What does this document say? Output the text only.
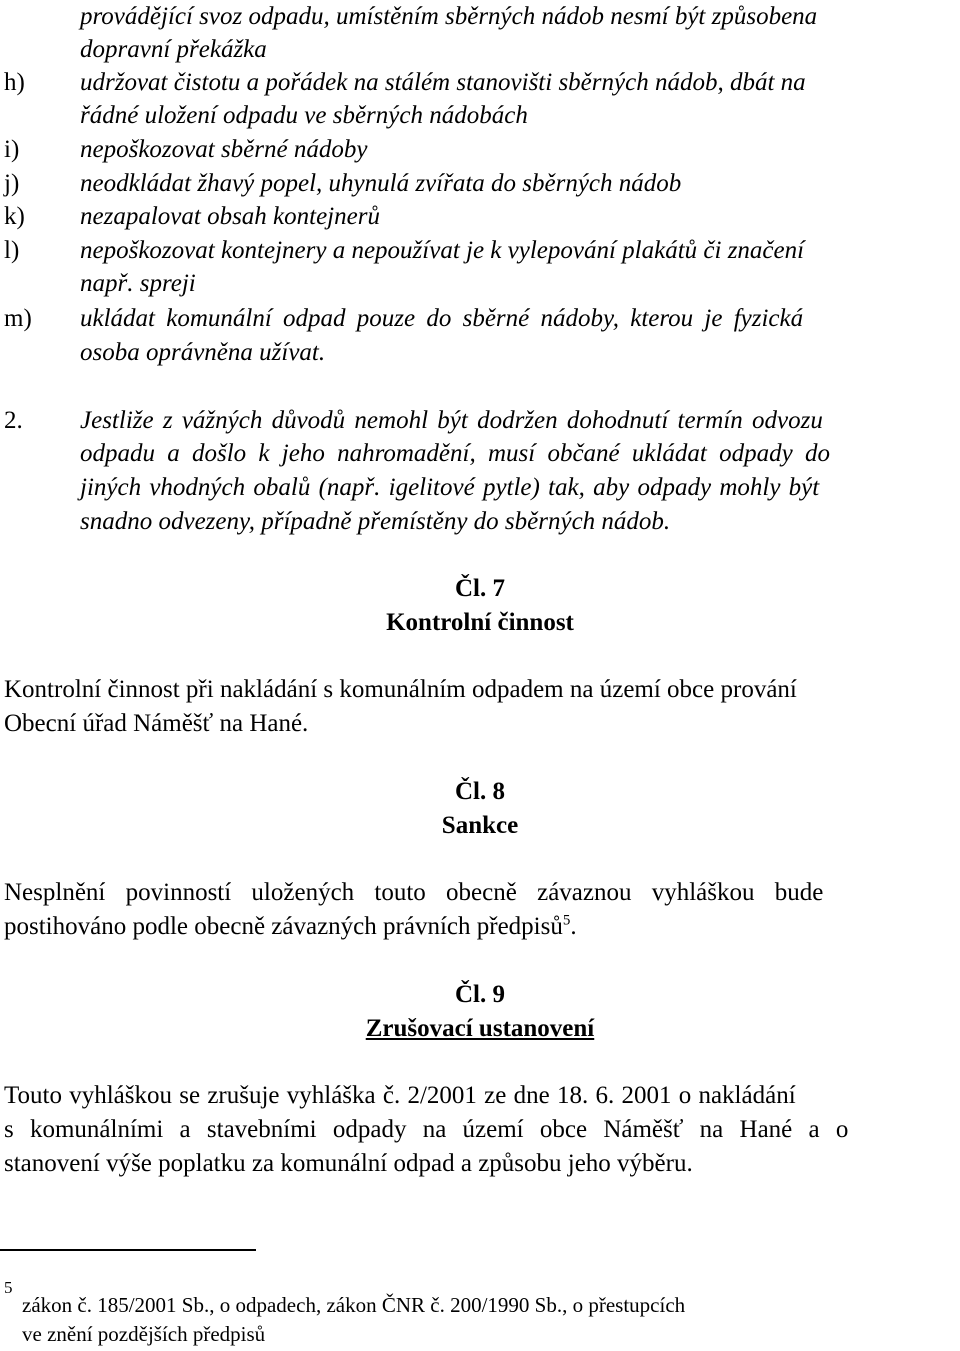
provádějící svoz odpadu, umístěním sběrných nádob nesmí být způsobena
dopravní překážka
h) udržovat čistotu a pořádek na stálém stanovišti sběrných nádob, dbát na
řádné uložení odpadu ve sběrných nádobách
i) nepoškozovat sběrné nádoby
j) neodkládat žhavý popel, uhynulá zvířata do sběrných nádob
k) nezapalovat obsah kontejnerů
l) nepoškozovat kontejnery a nepoužívat je k vylepování plakátů či značení
např. spreji
m) ukládat komunální odpad pouze do sběrné nádoby, kterou je fyzická
osoba oprávněna užívat.
2. Jestliže z vážných důvodů nemohl být dodržen dohodnutí termín odvozu
odpadu a došlo k jeho nahromadění, musí občané ukládat odpady do
jiných vhodných obalů (např. igelitové pytle) tak, aby odpady mohly být
snadno odvezeny, případně přemístěny do sběrných nádob.
Čl. 7
Kontrolní činnost
Kontrolní činnost při nakládání s komunálním odpadem na území obce prování
Obecní úřad Náměšť na Hané.
Čl. 8
Sankce
Nesplnění povinností uložených touto obecně závaznou vyhláškou bude
postihováno podle obecně závazných právních předpisů$^5$.
Čl. 9
Zrušovací ustanovení
Touto vyhláškou se zrušuje vyhláška č. 2/2001 ze dne 18. 6. 2001 o nakládání
s komunálními a stavebními odpady na území obce Náměšť na Hané a o
stanovení výše poplatku za komunální odpad a způsobu jeho výběru.
5
zákon č. 185/2001 Sb., o odpadech, zákon ČNR č. 200/1990 Sb., o přestupcích
ve znění pozdějších předpisů
